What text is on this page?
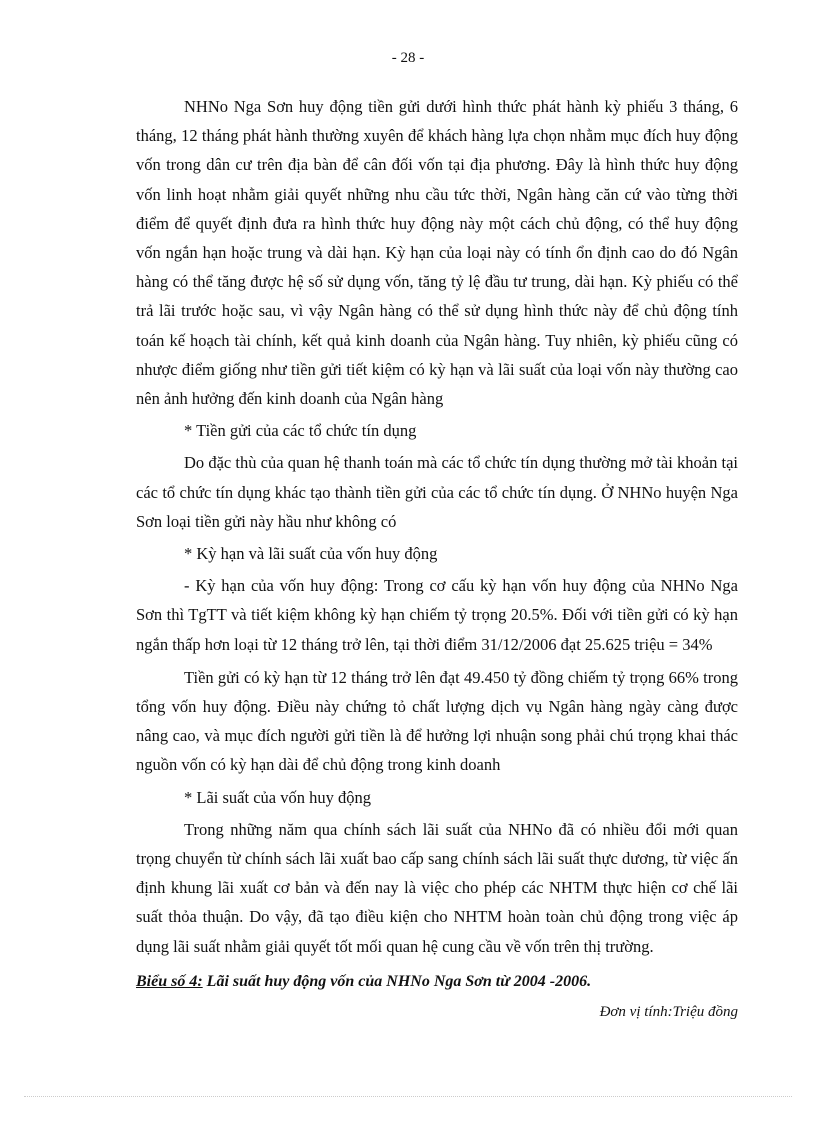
- 28 -

NHNo Nga Sơn huy động tiền gửi dưới hình thức phát hành kỳ phiếu 3 tháng, 6 tháng, 12 tháng phát hành thường xuyên để khách hàng lựa chọn nhằm mục đích huy động vốn trong dân cư trên địa bàn để cân đối vốn tại địa phương. Đây là hình thức huy động vốn linh hoạt nhằm giải quyết những nhu cầu tức thời, Ngân hàng căn cứ vào từng thời điểm để quyết định đưa ra hình thức huy động này một cách chủ động, có thể huy động vốn ngắn hạn hoặc trung và dài hạn. Kỳ hạn của loại này có tính ổn định cao do đó Ngân hàng có thể tăng được hệ số sử dụng vốn, tăng tỷ lệ đầu tư trung, dài hạn. Kỳ phiếu có thể trả lãi trước hoặc sau, vì vậy Ngân hàng có thể sử dụng hình thức này để chủ động tính toán kế hoạch tài chính, kết quả kinh doanh của Ngân hàng. Tuy nhiên, kỳ phiếu cũng có nhược điểm giống như tiền gửi tiết kiệm có kỳ hạn và lãi suất của loại vốn này thường cao nên ảnh hưởng đến kinh doanh của Ngân hàng

* Tiền gửi của các tổ chức tín dụng

Do đặc thù của quan hệ thanh toán mà các tổ chức tín dụng thường mở tài khoản tại các tổ chức tín dụng khác tạo thành tiền gửi của các tổ chức tín dụng. Ở NHNo huyện Nga Sơn loại tiền gửi này hầu như không có

* Kỳ hạn và lãi suất của vốn huy động

- Kỳ hạn của vốn huy động: Trong cơ cấu kỳ hạn vốn huy động của NHNo Nga Sơn thì TgTT và tiết kiệm không kỳ hạn chiếm tỷ trọng 20.5%. Đối với tiền gửi có kỳ hạn ngắn thấp hơn loại từ 12 tháng trở lên, tại thời điểm 31/12/2006 đạt 25.625 triệu = 34%

Tiền gửi có kỳ hạn từ 12 tháng trở lên đạt 49.450 tỷ đồng chiếm tỷ trọng 66% trong tổng vốn huy động. Điều này chứng tỏ chất lượng dịch vụ Ngân hàng ngày càng được nâng cao, và mục đích người gửi tiền là để hưởng lợi nhuận song phải chú trọng khai thác nguồn vốn có kỳ hạn dài để chủ động trong kinh doanh

* Lãi suất của vốn huy động

Trong những năm qua chính sách lãi suất của NHNo đã có nhiều đổi mới quan trọng chuyển từ chính sách lãi xuất bao cấp sang chính sách lãi suất thực dương, từ việc ấn định khung lãi xuất cơ bản và đến nay là việc cho phép các NHTM thực hiện cơ chế lãi suất thỏa thuận. Do vậy, đã tạo điều kiện cho NHTM hoàn toàn chủ động trong việc áp dụng lãi suất nhằm giải quyết tốt mối quan hệ cung cầu về vốn trên thị trường.

Biểu số 4: Lãi suất huy động vốn của NHNo Nga Sơn từ 2004 -2006.

Đơn vị tính:Triệu đồng
